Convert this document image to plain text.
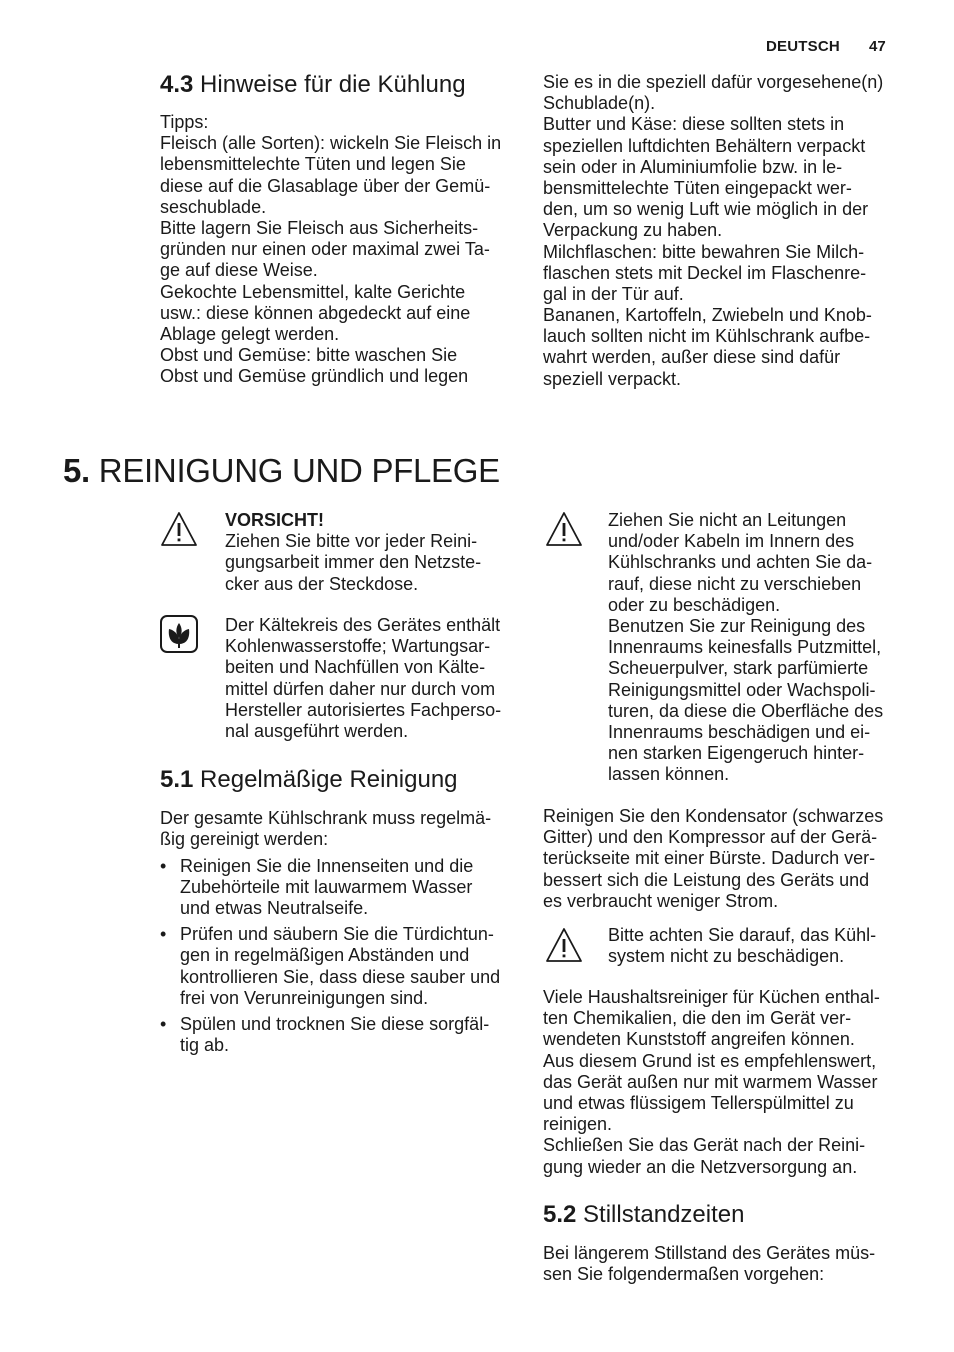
DEUTSCH 47
4.3 Hinweise für die Kühlung
Tipps:
Fleisch (alle Sorten): wickeln Sie Fleisch in
lebensmittelechte Tüten und legen Sie
diese auf die Glasablage über der Gemü-
seschublade.
Bitte lagern Sie Fleisch aus Sicherheits-
gründen nur einen oder maximal zwei Ta-
ge auf diese Weise.
Gekochte Lebensmittel, kalte Gerichte
usw.: diese können abgedeckt auf eine
Ablage gelegt werden.
Obst und Gemüse: bitte waschen Sie
Obst und Gemüse gründlich und legen
Sie es in die speziell dafür vorgesehene(n)
Schublade(n).
Butter und Käse: diese sollten stets in
speziellen luftdichten Behältern verpackt
sein oder in Aluminiumfolie bzw. in le-
bensmittelechte Tüten eingepackt wer-
den, um so wenig Luft wie möglich in der
Verpackung zu haben.
Milchflaschen: bitte bewahren Sie Milch-
flaschen stets mit Deckel im Flaschenre-
gal in der Tür auf.
Bananen, Kartoffeln, Zwiebeln und Knob-
lauch sollten nicht im Kühlschrank aufbe-
wahrt werden, außer diese sind dafür
speziell verpackt.
5. REINIGUNG UND PFLEGE
VORSICHT!
Ziehen Sie bitte vor jeder Reini-
gungsarbeit immer den Netzste-
cker aus der Steckdose.
Der Kältekreis des Gerätes enthält
Kohlenwasserstoffe; Wartungsar-
beiten und Nachfüllen von Kälte-
mittel dürfen daher nur durch vom
Hersteller autorisiertes Fachperso-
nal ausgeführt werden.
5.1 Regelmäßige Reinigung
Der gesamte Kühlschrank muss regelmä-
ßig gereinigt werden:
• Reinigen Sie die Innenseiten und die
Zubehörteile mit lauwarmem Wasser
und etwas Neutralseife.
• Prüfen und säubern Sie die Türdichtun-
gen in regelmäßigen Abständen und
kontrollieren Sie, dass diese sauber und
frei von Verunreinigungen sind.
• Spülen und trocknen Sie diese sorgfäl-
tig ab.
Ziehen Sie nicht an Leitungen
und/oder Kabeln im Innern des
Kühlschranks und achten Sie da-
rauf, diese nicht zu verschieben
oder zu beschädigen.
Benutzen Sie zur Reinigung des
Innenraums keinesfalls Putzmittel,
Scheuerpulver, stark parfümierte
Reinigungsmittel oder Wachspoli-
turen, da diese die Oberfläche des
Innenraums beschädigen und ei-
nen starken Eigengeruch hinter-
lassen können.
Reinigen Sie den Kondensator (schwarzes
Gitter) und den Kompressor auf der Gerä-
terückseite mit einer Bürste. Dadurch ver-
bessert sich die Leistung des Geräts und
es verbraucht weniger Strom.
Bitte achten Sie darauf, das Kühl-
system nicht zu beschädigen.
Viele Haushaltsreiniger für Küchen enthal-
ten Chemikalien, die den im Gerät ver-
wendeten Kunststoff angreifen können.
Aus diesem Grund ist es empfehlenswert,
das Gerät außen nur mit warmem Wasser
und etwas flüssigem Tellerspülmittel zu
reinigen.
Schließen Sie das Gerät nach der Reini-
gung wieder an die Netzversorgung an.
5.2 Stillstandzeiten
Bei längerem Stillstand des Gerätes müs-
sen Sie folgendermaßen vorgehen:
